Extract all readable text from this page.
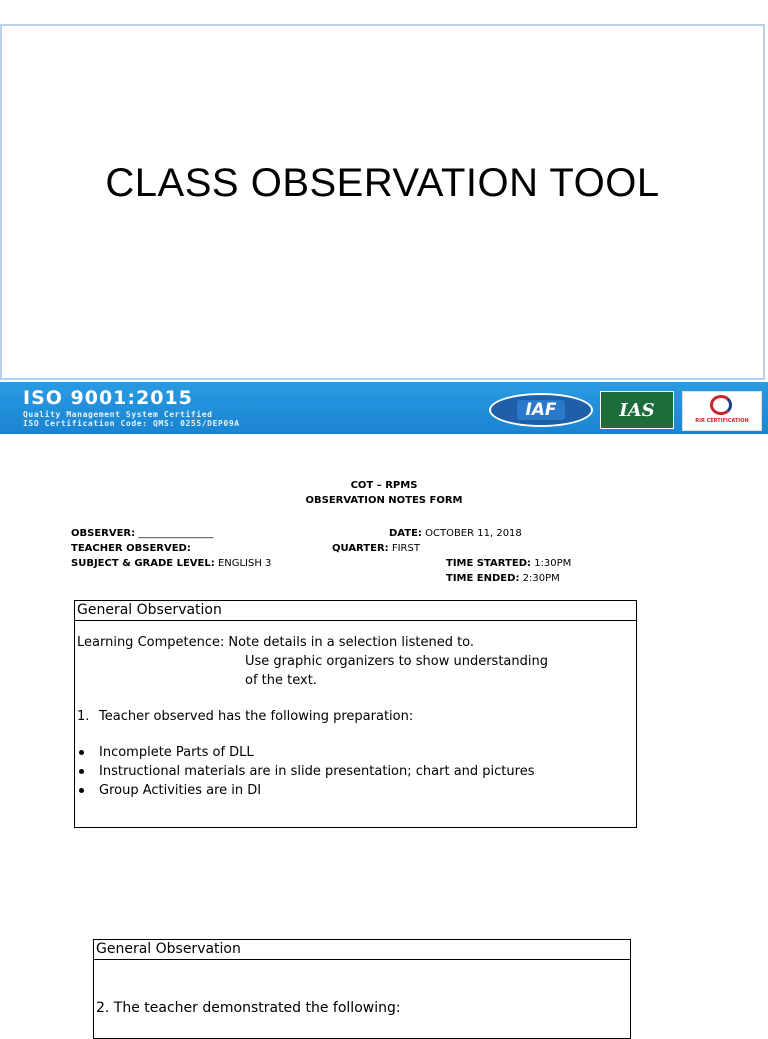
CLASS OBSERVATION TOOL
ISO 9001:2015
Quality Management System Certified
ISO Certification Code: QMS: 0255/DEP09A
IAF	IAS
RIR CERTIFICATION
COT – RPMS
OBSERVATION NOTES FORM
OBSERVER: _______________
TEACHER OBSERVED:
SUBJECT & GRADE LEVEL: ENGLISH 3
DATE: OCTOBER 11, 2018
QUARTER: FIRST
TIME STARTED: 1:30PM
TIME ENDED: 2:30PM
General Observation
Learning Competence: Note details in a selection listened to.
Use graphic organizers to show understanding
of the text.
1. Teacher observed has the following preparation:
Incomplete Parts of DLL
Instructional materials are in slide presentation; chart and pictures
Group Activities are in DI
General Observation
2. The teacher demonstrated the following:
